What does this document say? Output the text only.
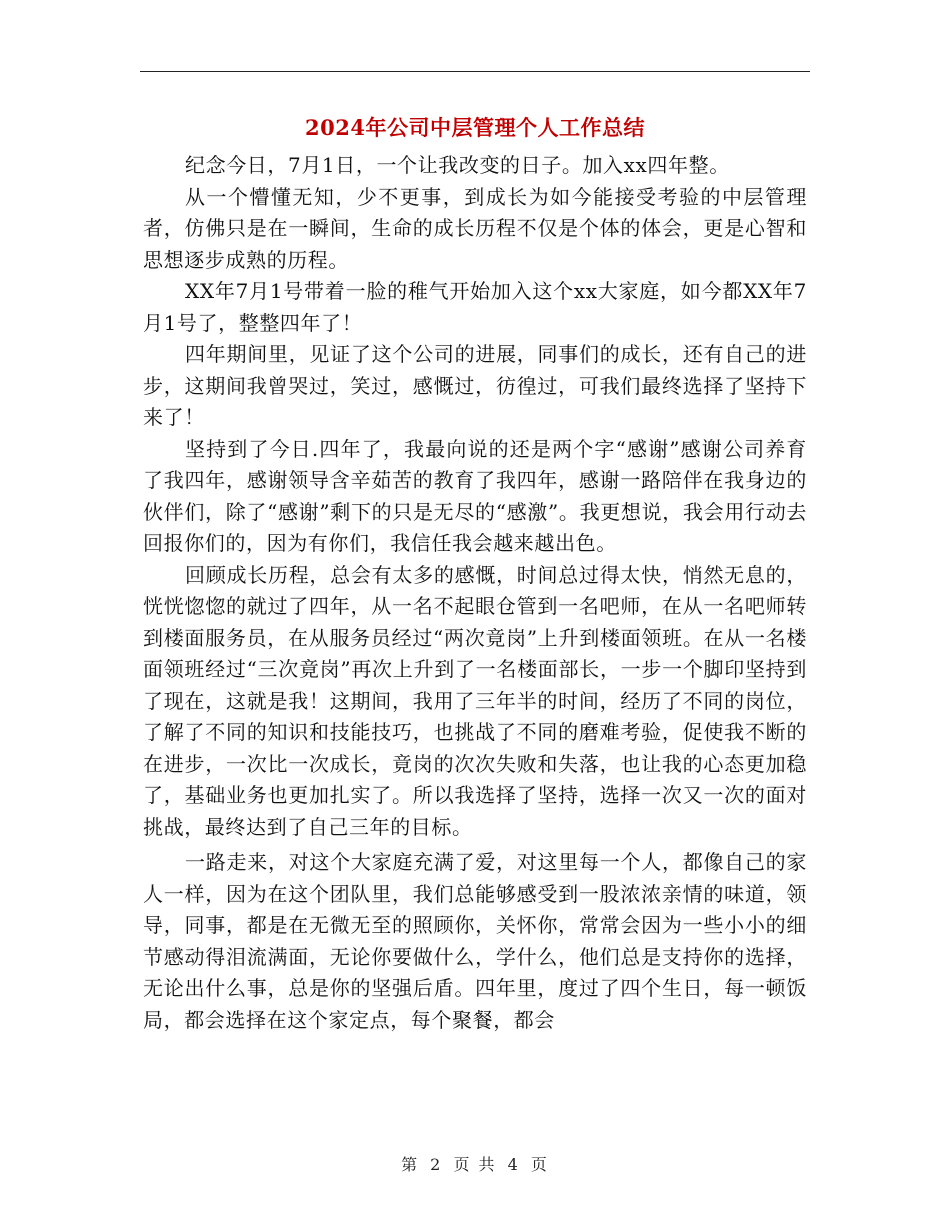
2024年公司中层管理个人工作总结

纪念今日，7月1日，一个让我改变的日子。加入xx四年整。

从一个懵懂无知，少不更事，到成长为如今能接受考验的中层管理者，仿佛只是在一瞬间，生命的成长历程不仅是个体的体会，更是心智和思想逐步成熟的历程。

XX年7月1号带着一脸的稚气开始加入这个xx大家庭，如今都XX年7月1号了，整整四年了！

四年期间里，见证了这个公司的进展，同事们的成长，还有自己的进步，这期间我曾哭过，笑过，感慨过，彷徨过，可我们最终选择了坚持下来了！

坚持到了今日.四年了，我最向说的还是两个字“感谢”感谢公司养育了我四年，感谢领导含辛茹苦的教育了我四年，感谢一路陪伴在我身边的伙伴们，除了“感谢”剩下的只是无尽的“感激”。我更想说，我会用行动去回报你们的，因为有你们，我信任我会越来越出色。

回顾成长历程，总会有太多的感慨，时间总过得太快，悄然无息的，恍恍惚惚的就过了四年，从一名不起眼仓管到一名吧师，在从一名吧师转到楼面服务员，在从服务员经过“两次竟岗”上升到楼面领班。在从一名楼面领班经过“三次竟岗”再次上升到了一名楼面部长，一步一个脚印坚持到了现在，这就是我！这期间，我用了三年半的时间，经历了不同的岗位，了解了不同的知识和技能技巧，也挑战了不同的磨难考验，促使我不断的在进步，一次比一次成长，竟岗的次次失败和失落，也让我的心态更加稳了，基础业务也更加扎实了。所以我选择了坚持，选择一次又一次的面对挑战，最终达到了自己三年的目标。

一路走来，对这个大家庭充满了爱，对这里每一个人，都像自己的家人一样，因为在这个团队里，我们总能够感受到一股浓浓亲情的味道，领导，同事，都是在无微无至的照顾你，关怀你，常常会因为一些小小的细节感动得泪流满面，无论你要做什么，学什么，他们总是支持你的选择，无论出什么事，总是你的坚强后盾。四年里，度过了四个生日，每一顿饭局，都会选择在这个家定点，每个聚餐，都会

第 2 页 共 4 页
